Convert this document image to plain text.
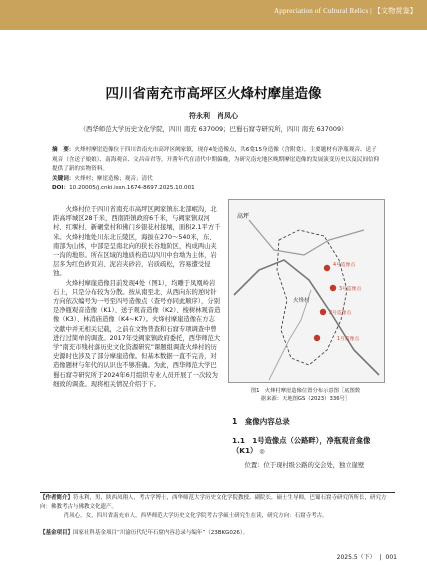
Appreciation of Cultural Relics | 【文物赏鉴】
四川省南充市高坪区火烽村摩崖造像
符永利　肖凤心
（西华师范大学历史文化学院，四川 南充 637009；巴蜀石窟寺研究所，四川 南充 637009）
摘　要：火烽村摩崖造像位于四川省南充市高坪区阙家镇，现存4处造像点，共6龛15身造像（含附龛），主要题材有净瓶观音、送子观音（含送子娘娘）、南海观音、文昌帝君等，开凿年代在清代中期偏晚，为研究南充地区晚期摩崖造像的发展演变历史以及民间信仰提供了新的实物资料。
关键词：火烽村；摩崖造像；观音；清代
DOI：10.20005/j.cnki.issn.1674-8697.2025.10.001

火烽村位于四川省南充市高坪区阙家镇东北部岷沟，北距高坪城区28千米，西南距镇政府6千米，与阙家镇双河村、红堰村、新碾堂村和佛门乡银花村接壤，面积2.1平方千米。火烽村地处川东北丘陵区，海拔在270～540米，东、南部为山体，中部是呈南北向的狭长谷地阶区，构成两山夹一沟的地形。所在区域的地质构造以四川中台坳为主体，岩层多为红色砂页岩、泥岩夹砂岩，岩质疏松，容易遭受侵蚀。

火烽村摩崖造像目前发现4处（图1），均雕于凤凰岭岩石上，只是分布较为分散。按从南至北、从西向东的逆时针方向依次编号为一号至四号造像点（查号亦同此顺序），分别是净瓶观音造像（K1）、送子观音造像（K2）、梭树林观音造像（K3）、林消庙造像（K4~K7）。火烽村摩崖造像在方志文献中并无相关记载，之前在文物普查和石窟专项调查中曾进行过简单的调查。2017年受阙家镇政府委托，西华师范大学“南充市残村落历史文化资源研究”课题组调查火烽村的历史源时也涉及了部分摩崖造像。但基本数据一直不完善，对造像题材与年代的认识也不够准确。为此，西华师范大学巴蜀石窟寺研究所于2024年6月组织专业人员开展了一次较为细致的调查。现将相关情况介绍于下。

高坪
1号造像点
2号造像点
3号造像点
4号造像点
火烽村
图1　火烽村摩崖造像位置分布示意图［底图数
据来源：天地图GS（2023）336号］
1　龛像内容总录
1.1　1号造像点（公路畔），净瓶观音龛像（K1） ◎

位置：位于现村级公路的交会处，独立崖壁

【作者简介】符永利，男，陕西凤翔人，考古学博士，西华师范大学历史文化学院教授、副院长，硕士生导师，巴蜀石窟寺研究所所长，研究方向：佛教考古与佛教文化遗产。
肖凤心，女，四川省南充市人，西华师范大学历史文化学院考古学硕士研究生在读，研究方向：石窟寺考古。
【基金项目】国家社科基金项目“川渝历代纪年石窟内容总录与编年”（23BKG026）。
2025.5（下） | 001
